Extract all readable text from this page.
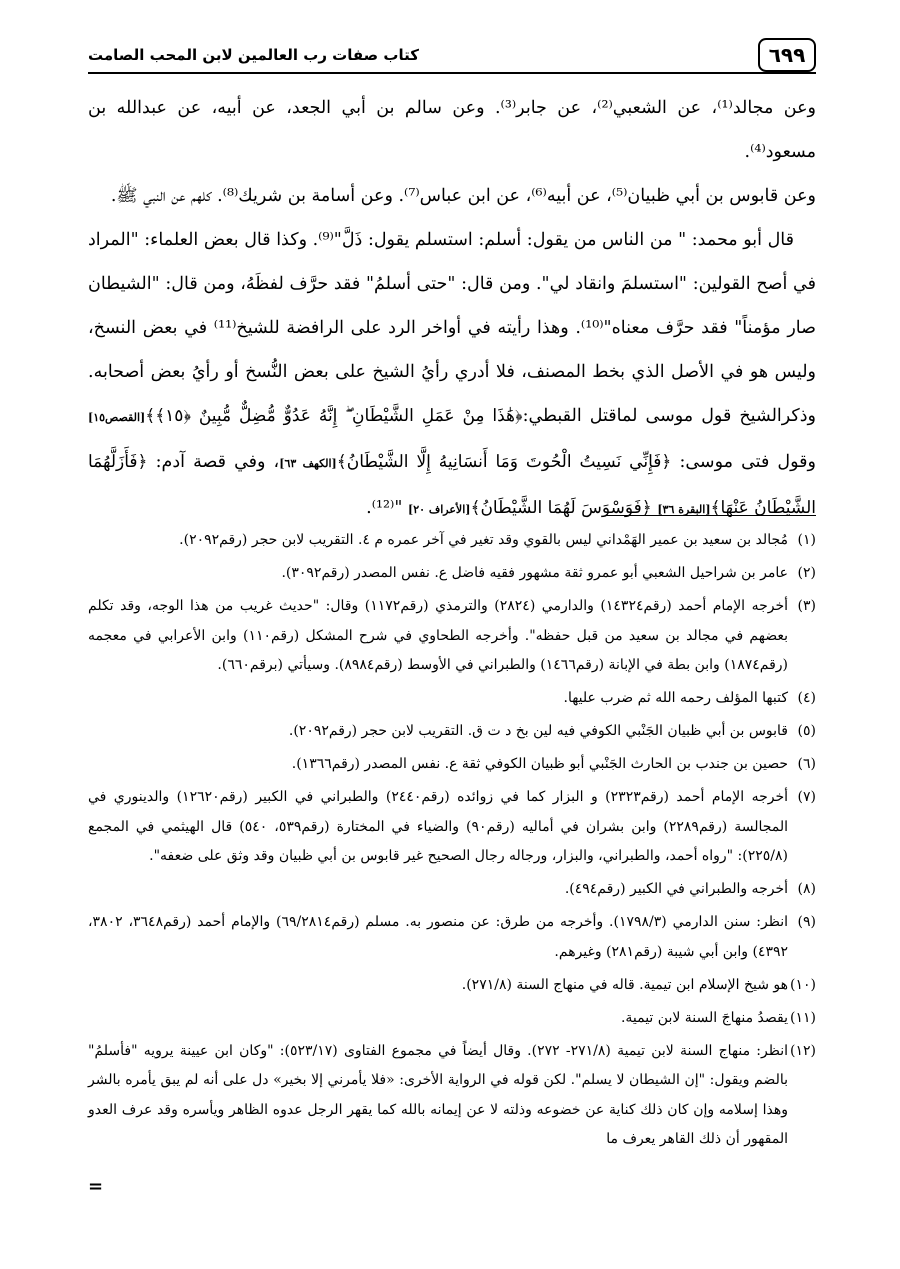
٦٩٩
كتاب صفات رب العالمين لابن المحب الصامت

وعن مجالد⁽¹⁾، عن الشعبي⁽²⁾، عن جابر⁽³⁾. وعن سالم بن أبي الجعد، عن أبيه، عن عبدالله بن مسعود⁽⁴⁾.

وعن قابوس بن أبي ظبيان⁽⁵⁾، عن أبيه⁽⁶⁾، عن ابن عباس⁽⁷⁾. وعن أسامة بن شريك⁽⁸⁾. كلهم عن النبي ﷺ.

قال أبو محمد: " من الناس من يقول: أسلم: استسلم يقول: ذَلَّ"⁽⁹⁾. وكذا قال بعض العلماء: "المراد في أصح القولين: "استسلمَ وانقاد لي". ومن قال: "حتى أسلمُ" فقد حرَّف لفظَهُ، ومن قال: "الشيطان صار مؤمناً" فقد حرَّف معناه"⁽¹⁰⁾. وهذا رأيته في أواخر الرد على الرافضة للشيخ⁽¹¹⁾ في بعض النسخ، وليس هو في الأصل الذي بخط المصنف، فلا أدري رأيُ الشيخ على بعض النُّسخ أو رأيُ بعض أصحابه. وذكرالشيخ قول موسى لماقتل القبطي:﴿هَٰذَا مِنْ عَمَلِ الشَّيْطَانِ ۖ إِنَّهُ عَدُوٌّ مُّضِلٌّ مُّبِينٌ ﴿١٥﴾﴾[القصص١٥] وقول فتى موسى: ﴿فَإِنِّي نَسِيتُ الْحُوتَ وَمَا أَنسَانِيهُ إِلَّا الشَّيْطَانُ﴾[الكهف ٦٣]، وفي قصة آدم: ﴿فَأَزَلَّهُمَا الشَّيْطَانُ عَنْهَا﴾[البقرة ٣٦] ﴿فَوَسْوَسَ لَهُمَا الشَّيْطَانُ﴾[الأعراف ٢٠] "⁽¹²⁾.

(١)
مُجالد بن سعيد بن عمير الهَمْداني ليس بالقوي وقد تغير في آخر عمره م ٤. التقريب لابن حجر (رقم٢٠٩٢).
(٢)
عامر بن شراحيل الشعبي أبو عمرو ثقة مشهور فقيه فاضل ع. نفس المصدر (رقم٣٠٩٢).
(٣)
أخرجه الإمام أحمد (رقم١٤٣٢٤) والدارمي (٢٨٢٤) والترمذي (رقم١١٧٢) وقال: "حديث غريب من هذا الوجه، وقد تكلم بعضهم في مجالد بن سعيد من قبل حفظه". وأخرجه الطحاوي في شرح المشكل (رقم١١٠) وابن الأعرابي في معجمه (رقم١٨٧٤) وابن بطة في الإبانة (رقم١٤٦٦) والطبراني في الأوسط (رقم٨٩٨٤). وسيأتي (برقم٦٦٠).
(٤)
كتبها المؤلف رحمه الله ثم ضرب عليها.
(٥)
قابوس بن أبي ظبيان الجَنْبي الكوفي فيه لين بخ د ت ق. التقريب لابن حجر (رقم٢٠٩٢).
(٦)
حصين بن جندب بن الحارث الجَنْبي أبو ظبيان الكوفي ثقة ع. نفس المصدر (رقم١٣٦٦).
(٧)
أخرجه الإمام أحمد (رقم٢٣٢٣) و البزار كما في زوائده (رقم٢٤٤٠) والطبراني في الكبير (رقم١٢٦٢٠) والدينوري في المجالسة (رقم٢٢٨٩) وابن بشران في أماليه (رقم٩٠) والضياء في المختارة (رقم٥٣٩، ٥٤٠) قال الهيثمي في المجمع (٢٢٥/٨): "رواه أحمد، والطبراني، والبزار، ورجاله رجال الصحيح غير قابوس بن أبي ظبيان وقد وثق على ضعفه".
(٨)
أخرجه والطبراني في الكبير (رقم٤٩٤).
(٩)
انظر: سنن الدارمي (١٧٩٨/٣). وأخرجه من طرق: عن منصور به. مسلم (رقم٦٩/٢٨١٤) والإمام أحمد (رقم٣٦٤٨، ٣٨٠٢، ٤٣٩٢) وابن أبي شيبة (رقم٢٨١) وغيرهم.
(١٠)
هو شيخ الإسلام ابن تيمية. قاله في منهاج السنة (٢٧١/٨).
(١١)
يقصدُ منهاجَ السنة لابن تيمية.
(١٢)
انظر: منهاج السنة لابن تيمية (٢٧١/٨- ٢٧٢). وقال أيضاً في مجموع الفتاوى (٥٢٣/١٧): "وكان ابن عيينة يرويه "فأسلمُ" بالضم ويقول: "إن الشيطان لا يسلم". لكن قوله في الرواية الأخرى: «فلا يأمرني إلا بخير» دل على أنه لم يبق يأمره بالشر وهذا إسلامه وإن كان ذلك كناية عن خضوعه وذلته لا عن إيمانه بالله كما يقهر الرجل عدوه الظاهر ويأسره وقد عرف العدو المقهور أن ذلك القاهر يعرف ما
=
